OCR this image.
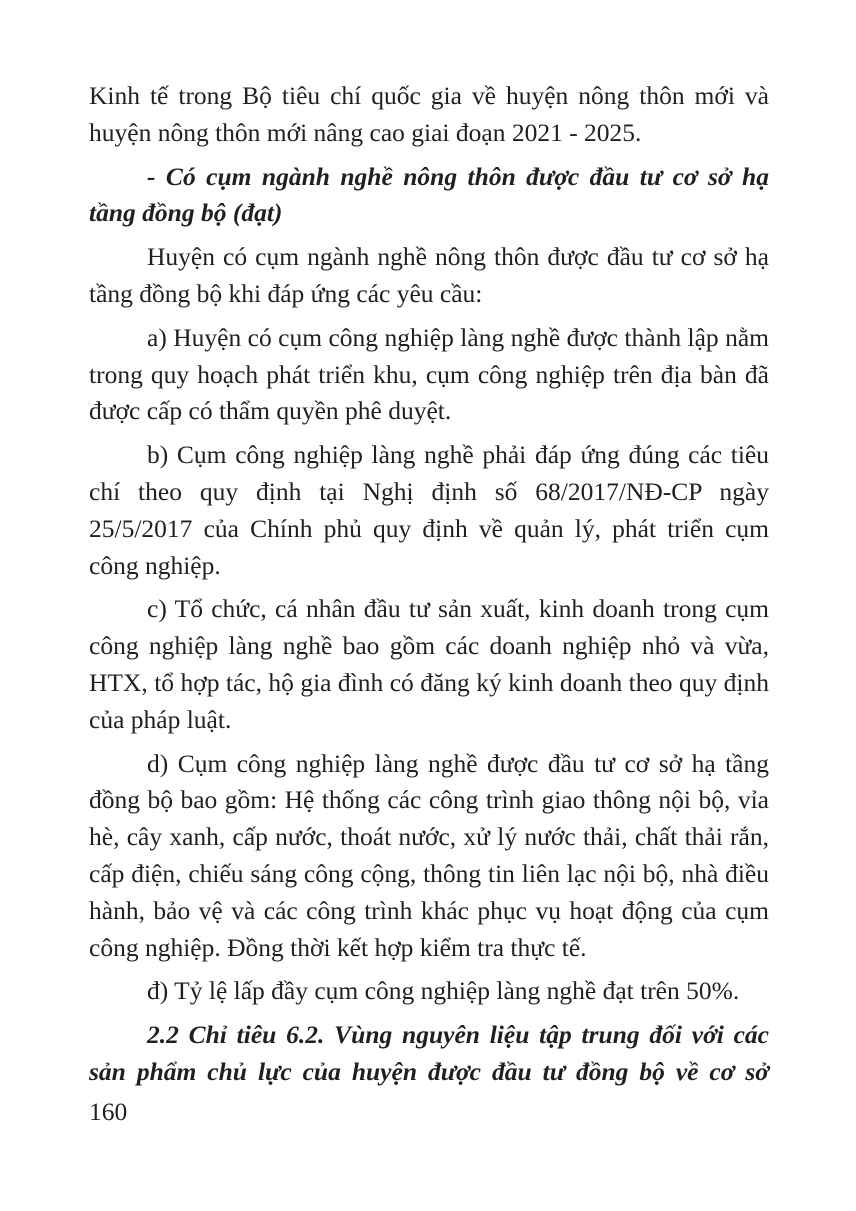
Kinh tế trong Bộ tiêu chí quốc gia về huyện nông thôn mới và huyện nông thôn mới nâng cao giai đoạn 2021 - 2025.

- Có cụm ngành nghề nông thôn được đầu tư cơ sở hạ tầng đồng bộ (đạt)

Huyện có cụm ngành nghề nông thôn được đầu tư cơ sở hạ tầng đồng bộ khi đáp ứng các yêu cầu:

a) Huyện có cụm công nghiệp làng nghề được thành lập nằm trong quy hoạch phát triển khu, cụm công nghiệp trên địa bàn đã được cấp có thẩm quyền phê duyệt.

b) Cụm công nghiệp làng nghề phải đáp ứng đúng các tiêu chí theo quy định tại Nghị định số 68/2017/NĐ-CP ngày 25/5/2017 của Chính phủ quy định về quản lý, phát triển cụm công nghiệp.

c) Tổ chức, cá nhân đầu tư sản xuất, kinh doanh trong cụm công nghiệp làng nghề bao gồm các doanh nghiệp nhỏ và vừa, HTX, tổ hợp tác, hộ gia đình có đăng ký kinh doanh theo quy định của pháp luật.

d) Cụm công nghiệp làng nghề được đầu tư cơ sở hạ tầng đồng bộ bao gồm: Hệ thống các công trình giao thông nội bộ, vỉa hè, cây xanh, cấp nước, thoát nước, xử lý nước thải, chất thải rắn, cấp điện, chiếu sáng công cộng, thông tin liên lạc nội bộ, nhà điều hành, bảo vệ và các công trình khác phục vụ hoạt động của cụm công nghiệp. Đồng thời kết hợp kiểm tra thực tế.

đ) Tỷ lệ lấp đầy cụm công nghiệp làng nghề đạt trên 50%.

2.2 Chỉ tiêu 6.2. Vùng nguyên liệu tập trung đối với các sản phẩm chủ lực của huyện được đầu tư đồng bộ về cơ sở

160
